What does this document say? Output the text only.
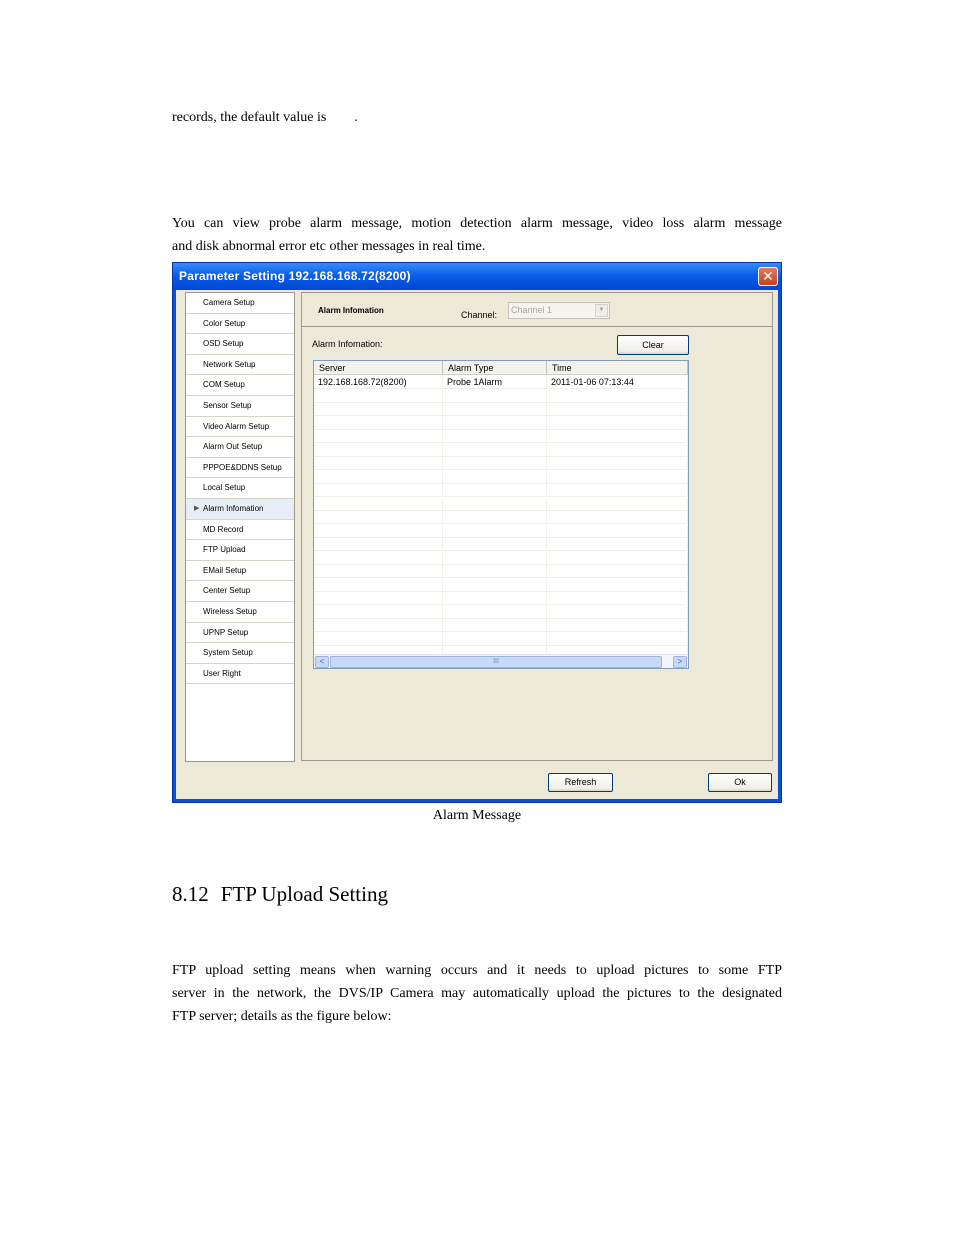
records, the default value is        .
You can view probe alarm message, motion detection alarm message, video loss alarm message
and disk abnormal error etc other messages in real time.
Parameter Setting 192.168.168.72(8200)	✕
Camera Setup
Color Setup
OSD Setup
Network Setup
COM Setup
Sensor Setup
Video Alarm Setup
Alarm Out Setup
PPPOE&DDNS Setup
Local Setup
▶ Alarm Infomation
MD Record
FTP Upload
EMail Setup
Center Setup
Wireless Setup
UPNP Setup
System Setup
User Right
Alarm Infomation	Channel:	Channel 1	▼
Alarm Infomation:	Clear
Server	Alarm Type	Time
192.168.168.72(8200)	Probe 1Alarm	2011-01-06 07:13:44
<	III	>
Refresh	Ok
Alarm Message
8.12 FTP Upload Setting
FTP upload setting means when warning occurs and it needs to upload pictures to some FTP
server in the network, the DVS/IP Camera may automatically upload the pictures to the designated
FTP server; details as the figure below:
